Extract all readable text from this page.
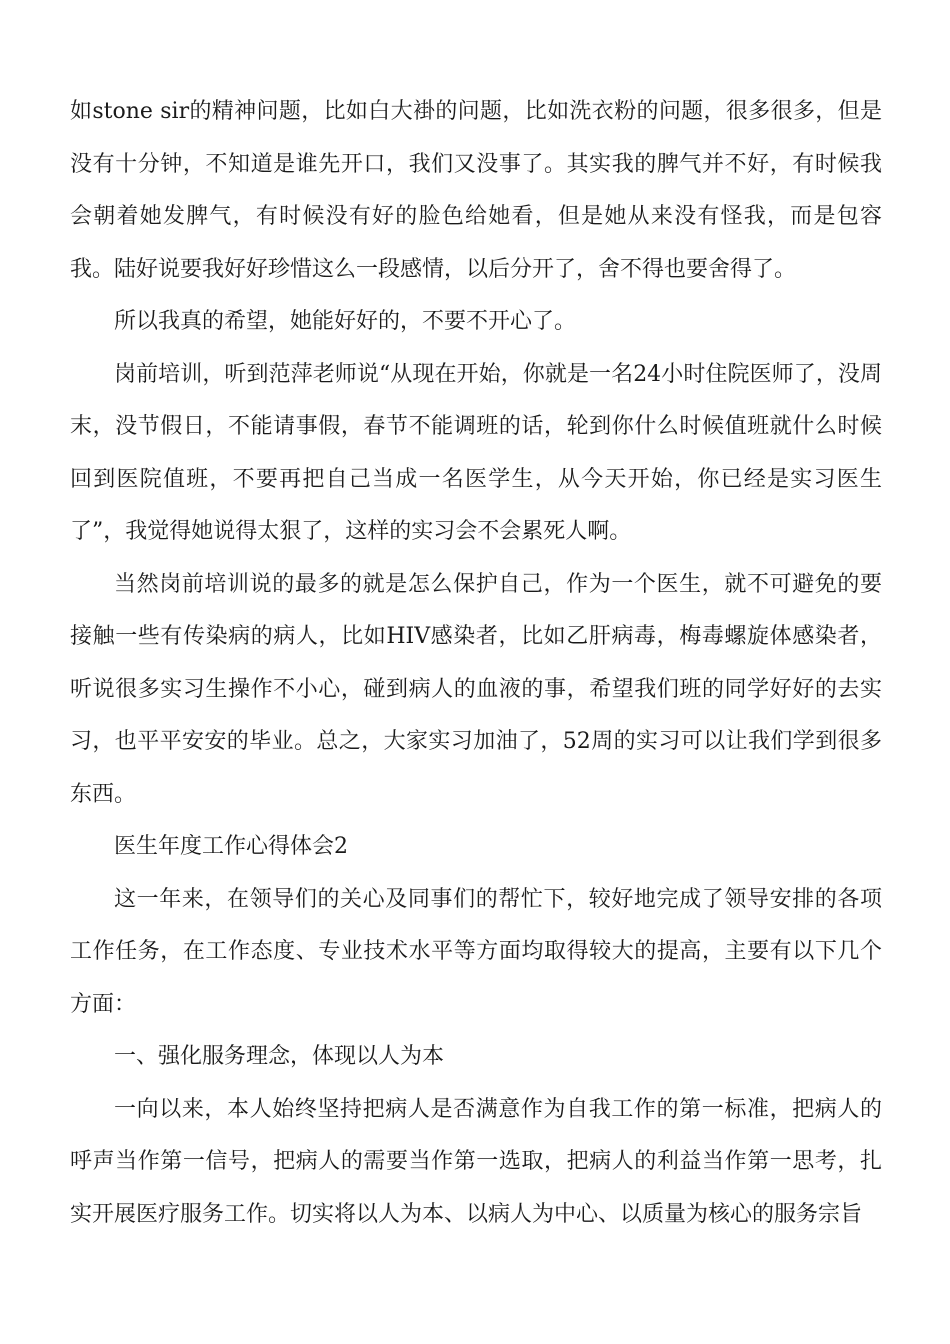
如stone sir的精神问题，比如白大褂的问题，比如洗衣粉的问题，很多很多，但是没有十分钟，不知道是谁先开口，我们又没事了。其实我的脾气并不好，有时候我会朝着她发脾气，有时候没有好的脸色给她看，但是她从来没有怪我，而是包容我。陆好说要我好好珍惜这么一段感情，以后分开了，舍不得也要舍得了。

所以我真的希望，她能好好的，不要不开心了。

岗前培训，听到范萍老师说“从现在开始，你就是一名24小时住院医师了，没周末，没节假日，不能请事假，春节不能调班的话，轮到你什么时候值班就什么时候回到医院值班，不要再把自己当成一名医学生，从今天开始，你已经是实习医生了”，我觉得她说得太狠了，这样的实习会不会累死人啊。

当然岗前培训说的最多的就是怎么保护自己，作为一个医生，就不可避免的要接触一些有传染病的病人，比如HIV感染者，比如乙肝病毒，梅毒螺旋体感染者，听说很多实习生操作不小心，碰到病人的血液的事，希望我们班的同学好好的去实习，也平平安安的毕业。总之，大家实习加油了，52周的实习可以让我们学到很多东西。

医生年度工作心得体会2

这一年来，在领导们的关心及同事们的帮忙下，较好地完成了领导安排的各项工作任务，在工作态度、专业技术水平等方面均取得较大的提高，主要有以下几个方面：

一、强化服务理念，体现以人为本

一向以来，本人始终坚持把病人是否满意作为自我工作的第一标准，把病人的呼声当作第一信号，把病人的需要当作第一选取，把病人的利益当作第一思考，扎实开展医疗服务工作。切实将以人为本、以病人为中心、以质量为核心的服务宗旨
